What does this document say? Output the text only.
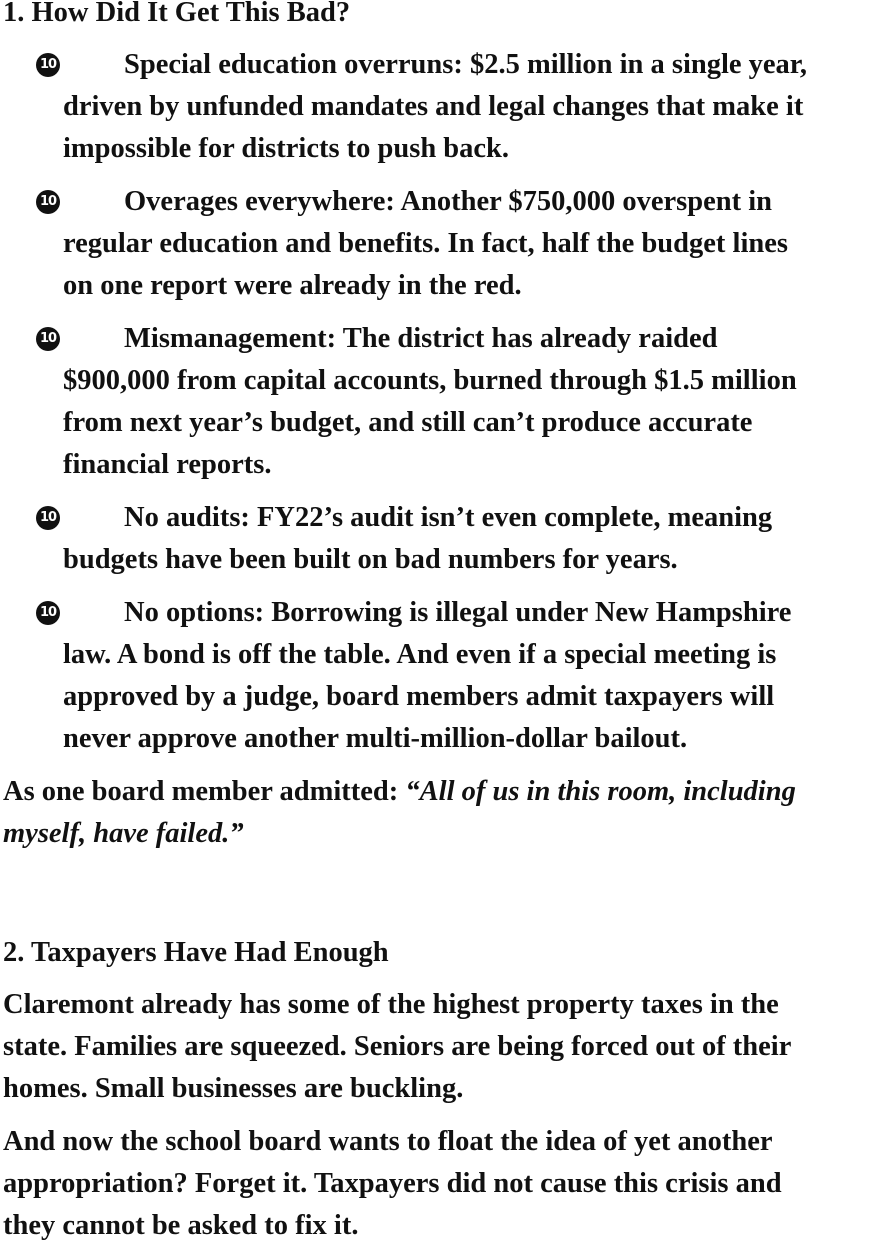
1. How Did It Get This Bad?
10 Special education overruns: $2.5 million in a single year,
driven by unfunded mandates and legal changes that make it
impossible for districts to push back.
10 Overages everywhere: Another $750,000 overspent in
regular education and benefits. In fact, half the budget lines
on one report were already in the red.
10 Mismanagement: The district has already raided
$900,000 from capital accounts, burned through $1.5 million
from next year’s budget, and still can’t produce accurate
financial reports.
10 No audits: FY22’s audit isn’t even complete, meaning
budgets have been built on bad numbers for years.
10 No options: Borrowing is illegal under New Hampshire
law. A bond is off the table. And even if a special meeting is
approved by a judge, board members admit taxpayers will
never approve another multi-million-dollar bailout.
As one board member admitted: “All of us in this room, including
myself, have failed.”
2. Taxpayers Have Had Enough
Claremont already has some of the highest property taxes in the
state. Families are squeezed. Seniors are being forced out of their
homes. Small businesses are buckling.
And now the school board wants to float the idea of yet another
appropriation? Forget it. Taxpayers did not cause this crisis and
they cannot be asked to fix it.
